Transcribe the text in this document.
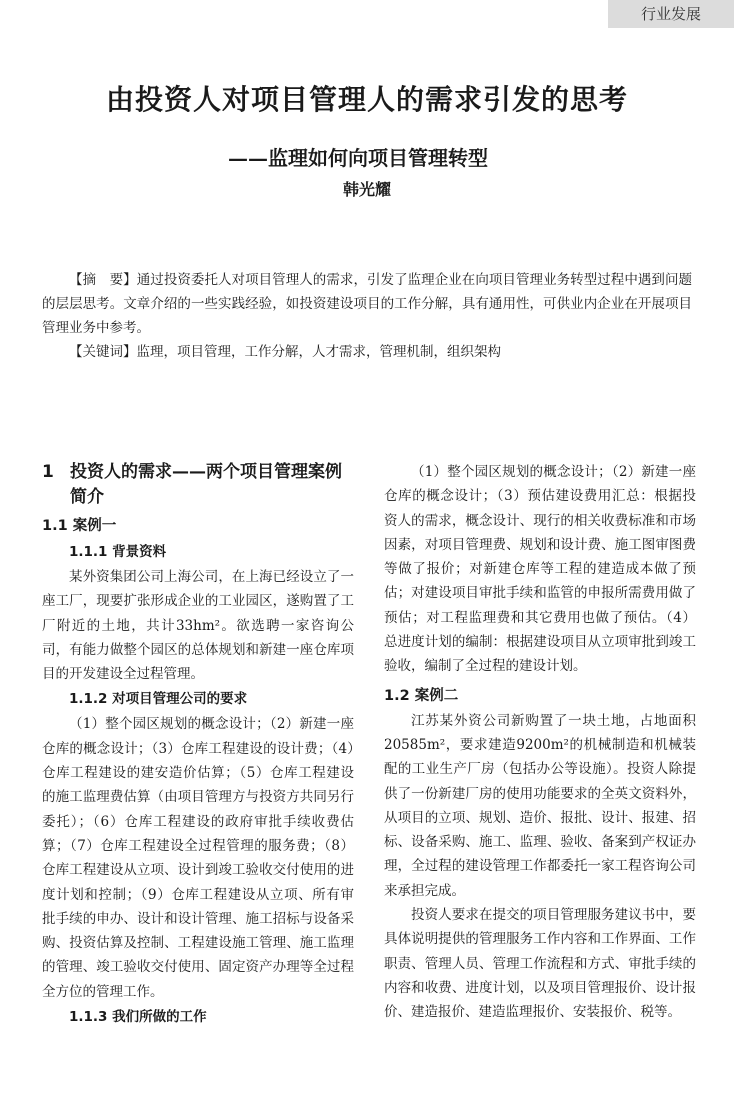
行业发展
由投资人对项目管理人的需求引发的思考
——监理如何向项目管理转型
韩光耀

【摘　要】通过投资委托人对项目管理人的需求，引发了监理企业在向项目管理业务转型过程中遇到问题的层层思考。文章介绍的一些实践经验，如投资建设项目的工作分解，具有通用性，可供业内企业在开展项目管理业务中参考。

【关键词】监理，项目管理，工作分解，人才需求，管理机制，组织架构

1 投资人的需求——两个项目管理案例简介
1.1 案例一
1.1.1 背景资料

某外资集团公司上海公司，在上海已经设立了一座工厂，现要扩张形成企业的工业园区，遂购置了工厂附近的土地，共计33hm²。欲选聘一家咨询公司，有能力做整个园区的总体规划和新建一座仓库项目的开发建设全过程管理。

1.1.2 对项目管理公司的要求

（1）整个园区规划的概念设计；（2）新建一座仓库的概念设计；（3）仓库工程建设的设计费；（4）仓库工程建设的建安造价估算；（5）仓库工程建设的施工监理费估算（由项目管理方与投资方共同另行委托）；（6）仓库工程建设的政府审批手续收费估算；（7）仓库工程建设全过程管理的服务费；（8）仓库工程建设从立项、设计到竣工验收交付使用的进度计划和控制；（9）仓库工程建设从立项、所有审批手续的申办、设计和设计管理、施工招标与设备采购、投资估算及控制、工程建设施工管理、施工监理的管理、竣工验收交付使用、固定资产办理等全过程全方位的管理工作。

1.1.3 我们所做的工作

（1）整个园区规划的概念设计；（2）新建一座仓库的概念设计；（3）预估建设费用汇总：根据投资人的需求，概念设计、现行的相关收费标准和市场因素，对项目管理费、规划和设计费、施工图审图费等做了报价；对新建仓库等工程的建造成本做了预估；对建设项目审批手续和监管的申报所需费用做了预估；对工程监理费和其它费用也做了预估。（4）总进度计划的编制：根据建设项目从立项审批到竣工验收，编制了全过程的建设计划。

1.2 案例二

江苏某外资公司新购置了一块土地，占地面积20585m²，要求建造9200m²的机械制造和机械装配的工业生产厂房（包括办公等设施）。投资人除提供了一份新建厂房的使用功能要求的全英文资料外，从项目的立项、规划、造价、报批、设计、报建、招标、设备采购、施工、监理、验收、备案到产权证办理，全过程的建设管理工作都委托一家工程咨询公司来承担完成。

投资人要求在提交的项目管理服务建议书中，要具体说明提供的管理服务工作内容和工作界面、工作职责、管理人员、管理工作流程和方式、审批手续的内容和收费、进度计划，以及项目管理报价、设计报价、建造报价、建造监理报价、安装报价、税等。
